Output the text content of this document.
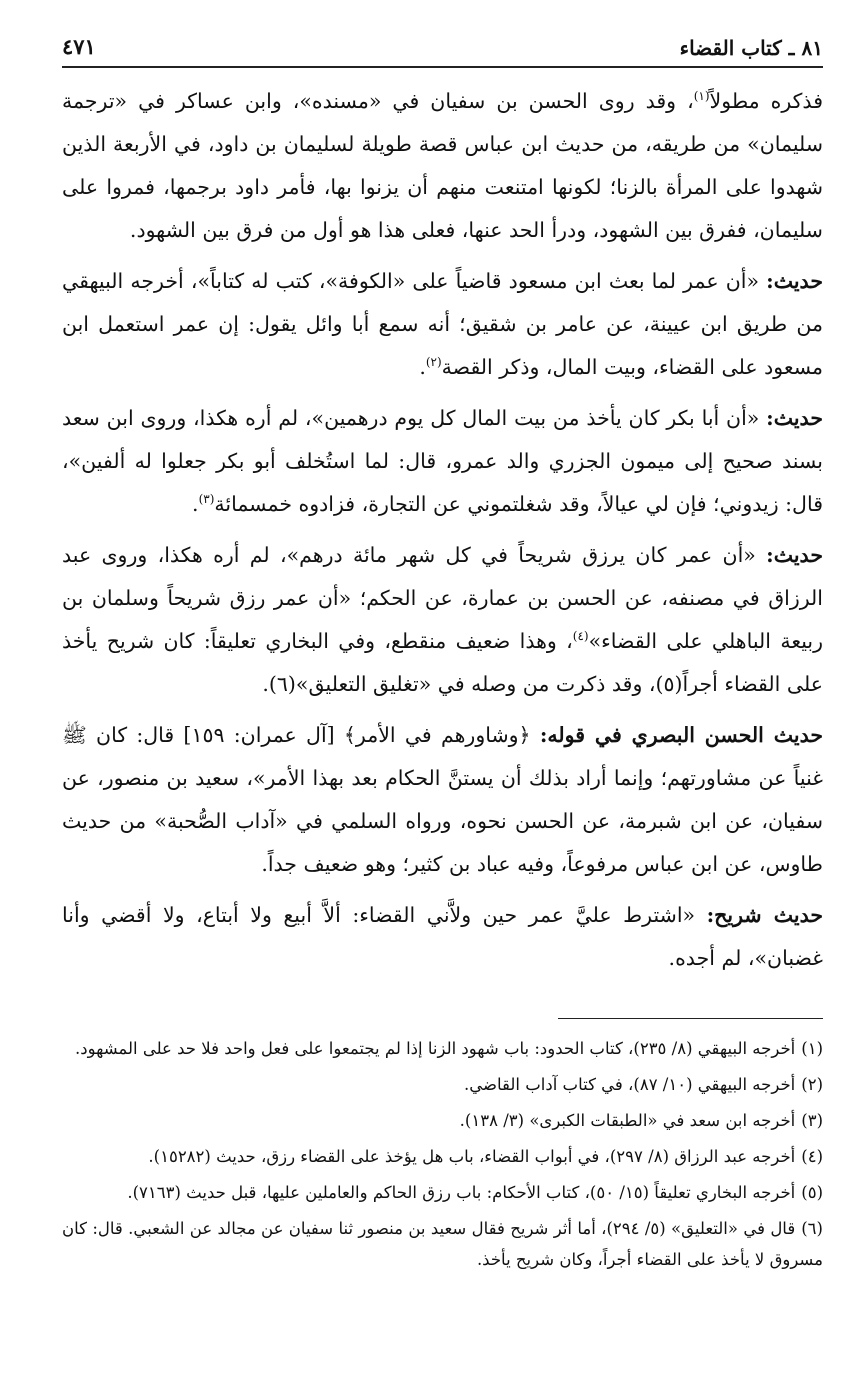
٨١ ـ كتاب القضاء
٤٧١

فذكره مطولاً$^{(١)}$، وقد روى الحسن بن سفيان في «مسنده»، وابن عساكر في «ترجمة سليمان» من طريقه، من حديث ابن عباس قصة طويلة لسليمان بن داود، في الأربعة الذين شهدوا على المرأة بالزنا؛ لكونها امتنعت منهم أن يزنوا بها، فأمر داود برجمها، فمروا على سليمان، ففرق بين الشهود، ودرأ الحد عنها، فعلى هذا هو أول من فرق بين الشهود.

حديث: «أن عمر لما بعث ابن مسعود قاضياً على «الكوفة»، كتب له كتاباً»، أخرجه البيهقي من طريق ابن عيينة، عن عامر بن شقيق؛ أنه سمع أبا وائل يقول: إن عمر استعمل ابن مسعود على القضاء، وبيت المال، وذكر القصة$^{(٢)}$.

حديث: «أن أبا بكر كان يأخذ من بيت المال كل يوم درهمين»، لم أره هكذا، وروى ابن سعد بسند صحيح إلى ميمون الجزري والد عمرو، قال: لما استُخلف أبو بكر جعلوا له ألفين»، قال: زيدوني؛ فإن لي عيالاً، وقد شغلتموني عن التجارة، فزادوه خمسمائة$^{(٣)}$.

حديث: «أن عمر كان يرزق شريحاً في كل شهر مائة درهم»، لم أره هكذا، وروى عبد الرزاق في مصنفه، عن الحسن بن عمارة، عن الحكم؛ «أن عمر رزق شريحاً وسلمان بن ربيعة الباهلي على القضاء»$^{(٤)}$، وهذا ضعيف منقطع، وفي البخاري تعليقاً: كان شريح يأخذ على القضاء أجراً(٥)، وقد ذكرت من وصله في «تغليق التعليق»(٦).

حديث الحسن البصري في قوله: ﴿وشاورهم في الأمر﴾ [آل عمران: ١٥٩] قال: كان ﷺ غنياً عن مشاورتهم؛ وإنما أراد بذلك أن يستنَّ الحكام بعد بهذا الأمر»، سعيد بن منصور، عن سفيان، عن ابن شبرمة، عن الحسن نحوه، ورواه السلمي في «آداب الصُّحبة» من حديث طاوس، عن ابن عباس مرفوعاً، وفيه عباد بن كثير؛ وهو ضعيف جداً.

حديث شريح: «اشترط عليَّ عمر حين ولاَّني القضاء: ألاَّ أبيع ولا أبتاع، ولا أقضي وأنا غضبان»، لم أجده.

(١)أخرجه البيهقي (٨/ ٢٣٥)، كتاب الحدود: باب شهود الزنا إذا لم يجتمعوا على فعل واحد فلا حد على المشهود.
(٢)أخرجه البيهقي (١٠/ ٨٧)، في كتاب آداب القاضي.
(٣)أخرجه ابن سعد في «الطبقات الكبرى» (٣/ ١٣٨).
(٤)أخرجه عبد الرزاق (٨/ ٢٩٧)، في أبواب القضاء، باب هل يؤخذ على القضاء رزق، حديث (١٥٢٨٢).
(٥)أخرجه البخاري تعليقاً (١٥/ ٥٠)، كتاب الأحكام: باب رزق الحاكم والعاملين عليها، قبل حديث (٧١٦٣).
(٦)قال في «التعليق» (٥/ ٢٩٤)، أما أثر شريح فقال سعيد بن منصور ثنا سفيان عن مجالد عن الشعبي. قال: كان مسروق لا يأخذ على القضاء أجراً، وكان شريح يأخذ.
